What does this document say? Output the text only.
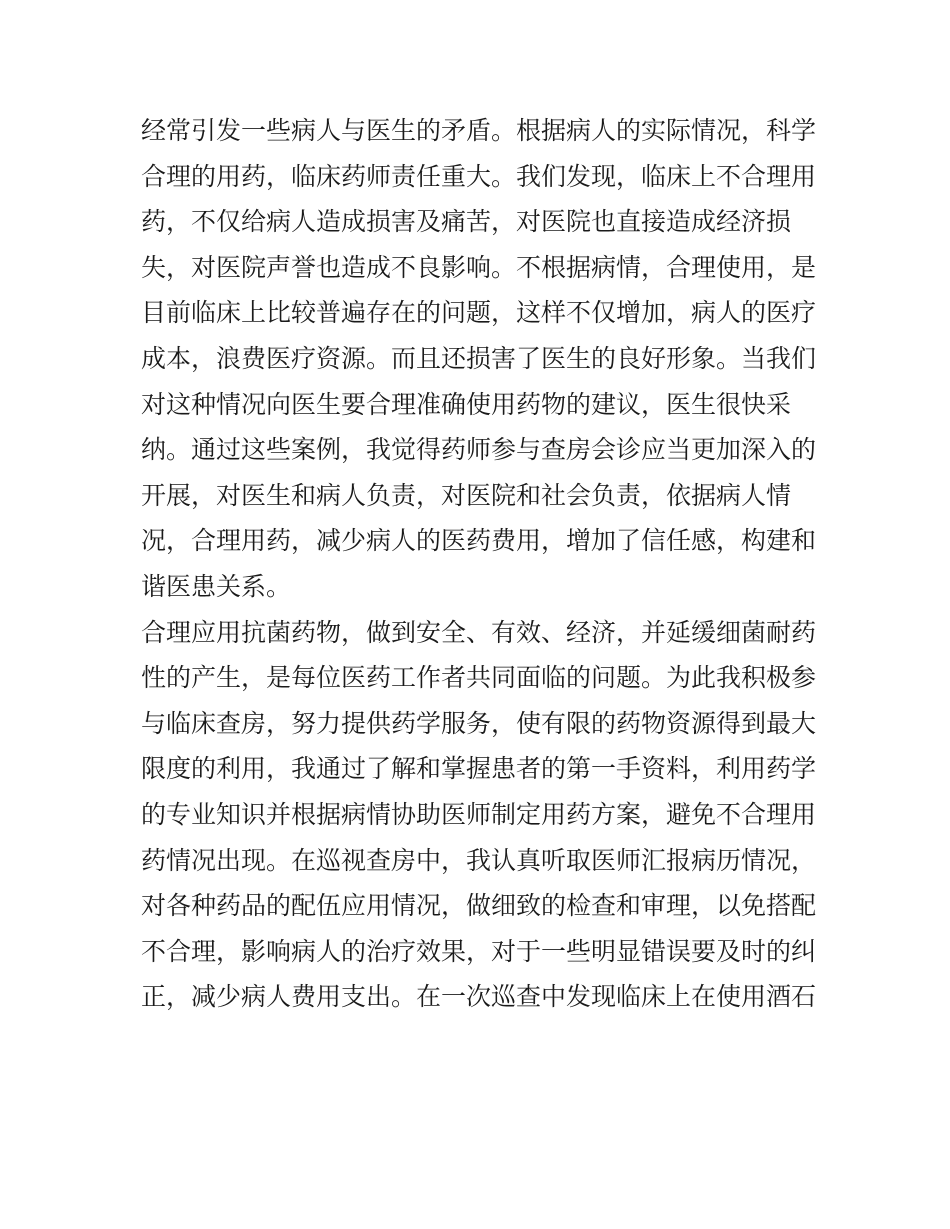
经常引发一些病人与医生的矛盾。根据病人的实际情况，科学
合理的用药，临床药师责任重大。我们发现，临床上不合理用
药，不仅给病人造成损害及痛苦，对医院也直接造成经济损
失，对医院声誉也造成不良影响。不根据病情，合理使用，是
目前临床上比较普遍存在的问题，这样不仅增加，病人的医疗
成本，浪费医疗资源。而且还损害了医生的良好形象。当我们
对这种情况向医生要合理准确使用药物的建议，医生很快采
纳。通过这些案例，我觉得药师参与查房会诊应当更加深入的
开展，对医生和病人负责，对医院和社会负责，依据病人情
况，合理用药，减少病人的医药费用，增加了信任感，构建和
谐医患关系。
合理应用抗菌药物，做到安全、有效、经济，并延缓细菌耐药
性的产生，是每位医药工作者共同面临的问题。为此我积极参
与临床查房，努力提供药学服务，使有限的药物资源得到最大
限度的利用，我通过了解和掌握患者的第一手资料，利用药学
的专业知识并根据病情协助医师制定用药方案，避免不合理用
药情况出现。在巡视查房中，我认真听取医师汇报病历情况，
对各种药品的配伍应用情况，做细致的检查和审理，以免搭配
不合理，影响病人的治疗效果，对于一些明显错误要及时的纠
正，减少病人费用支出。在一次巡查中发现临床上在使用酒石
